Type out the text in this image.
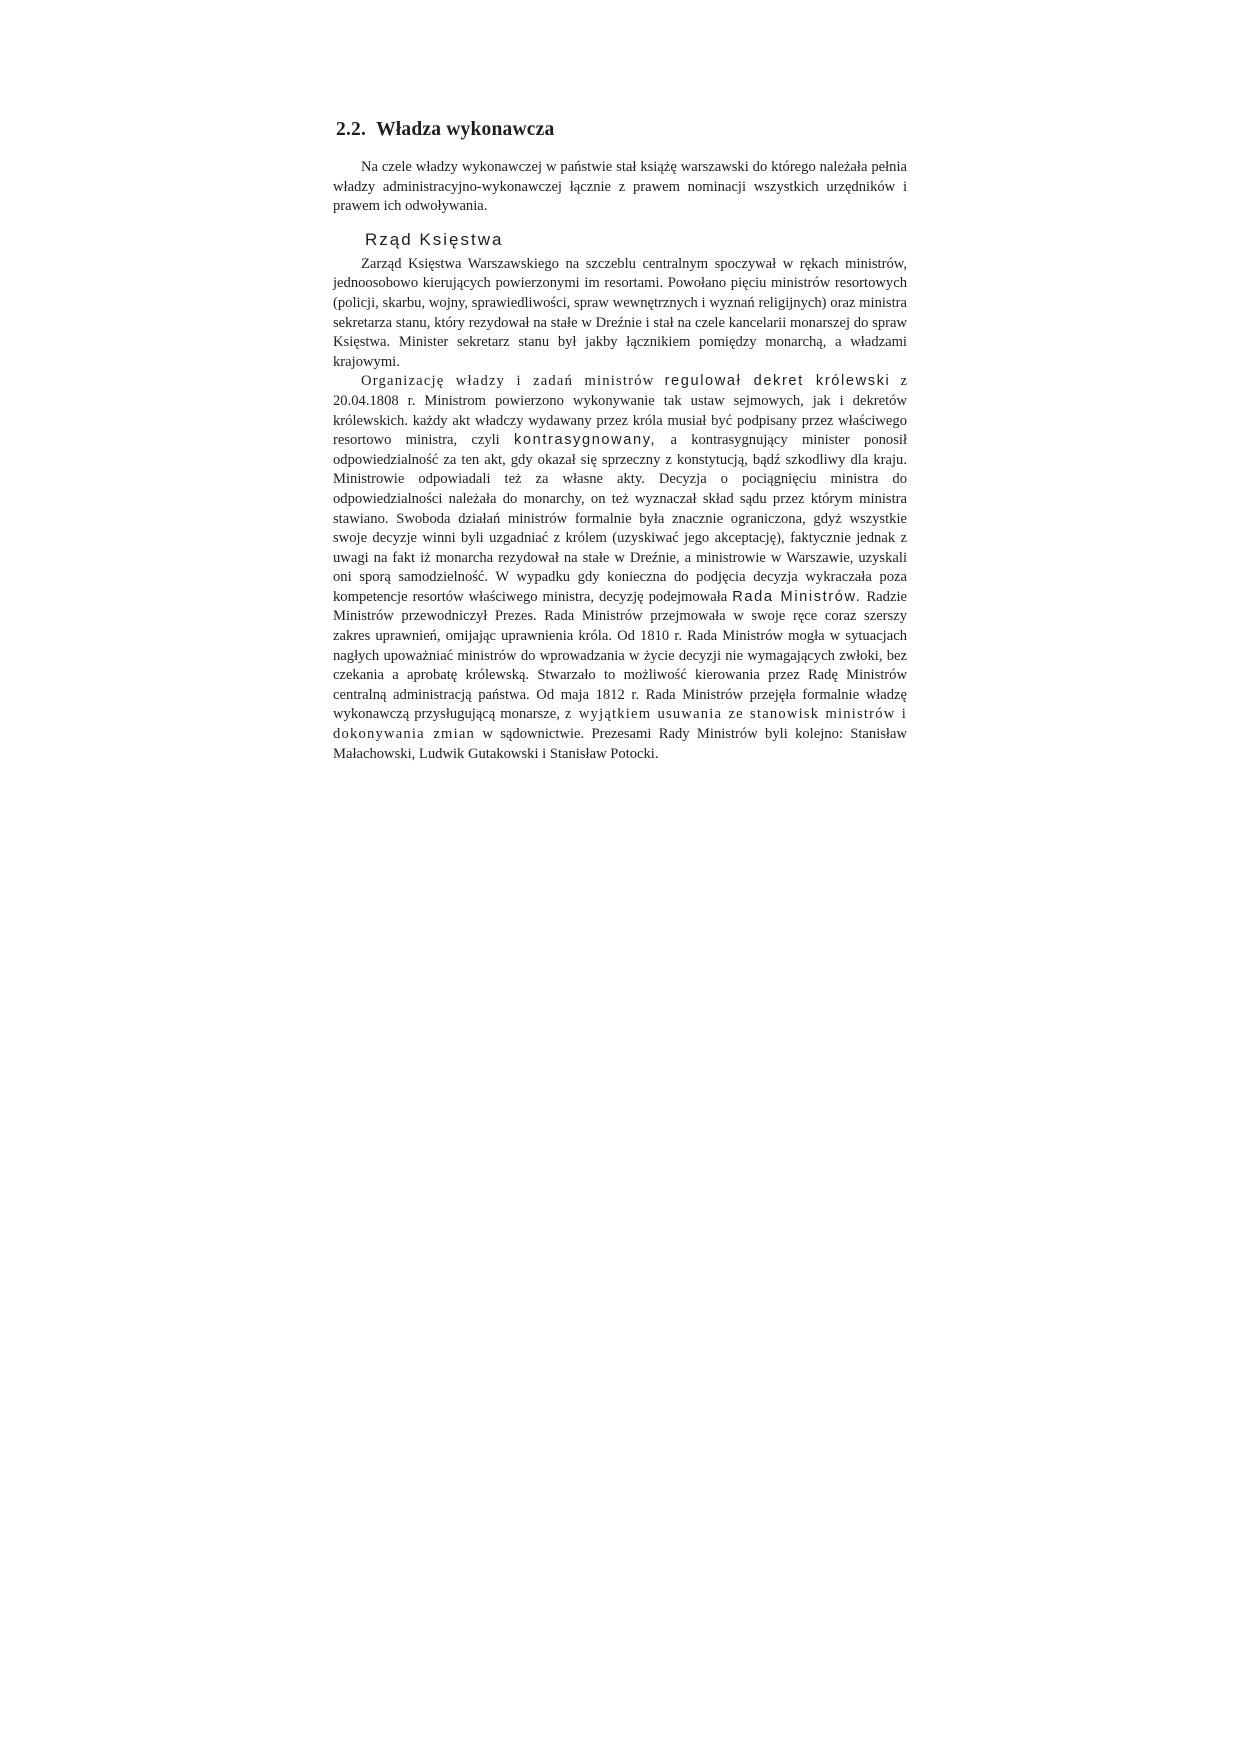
2.2. Władza wykonawcza

Na czele władzy wykonawczej w państwie stał książę warszawski do którego należała pełnia władzy administracyjno-wykonawczej łącznie z prawem nominacji wszystkich urzędników i prawem ich odwoływania.

Rząd Księstwa

Zarząd Księstwa Warszawskiego na szczeblu centralnym spoczywał w rękach ministrów, jednoosobowo kierujących powierzonymi im resortami. Powołano pięciu ministrów resortowych (policji, skarbu, wojny, sprawiedliwości, spraw wewnętrznych i wyznań religijnych) oraz ministra sekretarza stanu, który rezydował na stałe w Dreźnie i stał na czele kancelarii monarszej do spraw Księstwa. Minister sekretarz stanu był jakby łącznikiem pomiędzy monarchą, a władzami krajowymi.

Organizację władzy i zadań ministrów regulował dekret królewski z 20.04.1808 r. Ministrom powierzono wykonywanie tak ustaw sejmowych, jak i dekretów królewskich. każdy akt władczy wydawany przez króla musiał być podpisany przez właściwego resortowo ministra, czyli kontrasygnowany, a kontrasygnujący minister ponosił odpowiedzialność za ten akt, gdy okazał się sprzeczny z konstytucją, bądź szkodliwy dla kraju. Ministrowie odpowiadali też za własne akty. Decyzja o pociągnięciu ministra do odpowiedzialności należała do monarchy, on też wyznaczał skład sądu przez którym ministra stawiano. Swoboda działań ministrów formalnie była znacznie ograniczona, gdyż wszystkie swoje decyzje winni byli uzgadniać z królem (uzyskiwać jego akceptację), faktycznie jednak z uwagi na fakt iż monarcha rezydował na stałe w Dreźnie, a ministrowie w Warszawie, uzyskali oni sporą samodzielność. W wypadku gdy konieczna do podjęcia decyzja wykraczała poza kompetencje resortów właściwego ministra, decyzję podejmowała Rada Ministrów. Radzie Ministrów przewodniczył Prezes. Rada Ministrów przejmowała w swoje ręce coraz szerszy zakres uprawnień, omijając uprawnienia króla. Od 1810 r. Rada Ministrów mogła w sytuacjach nagłych upoważniać ministrów do wprowadzania w życie decyzji nie wymagających zwłoki, bez czekania a aprobatę królewską. Stwarzało to możliwość kierowania przez Radę Ministrów centralną administracją państwa. Od maja 1812 r. Rada Ministrów przejęła formalnie władzę wykonawczą przysługującą monarsze, z wyjątkiem usuwania ze stanowisk ministrów i dokonywania zmian w sądownictwie. Prezesami Rady Ministrów byli kolejno: Stanisław Małachowski, Ludwik Gutakowski i Stanisław Potocki.
